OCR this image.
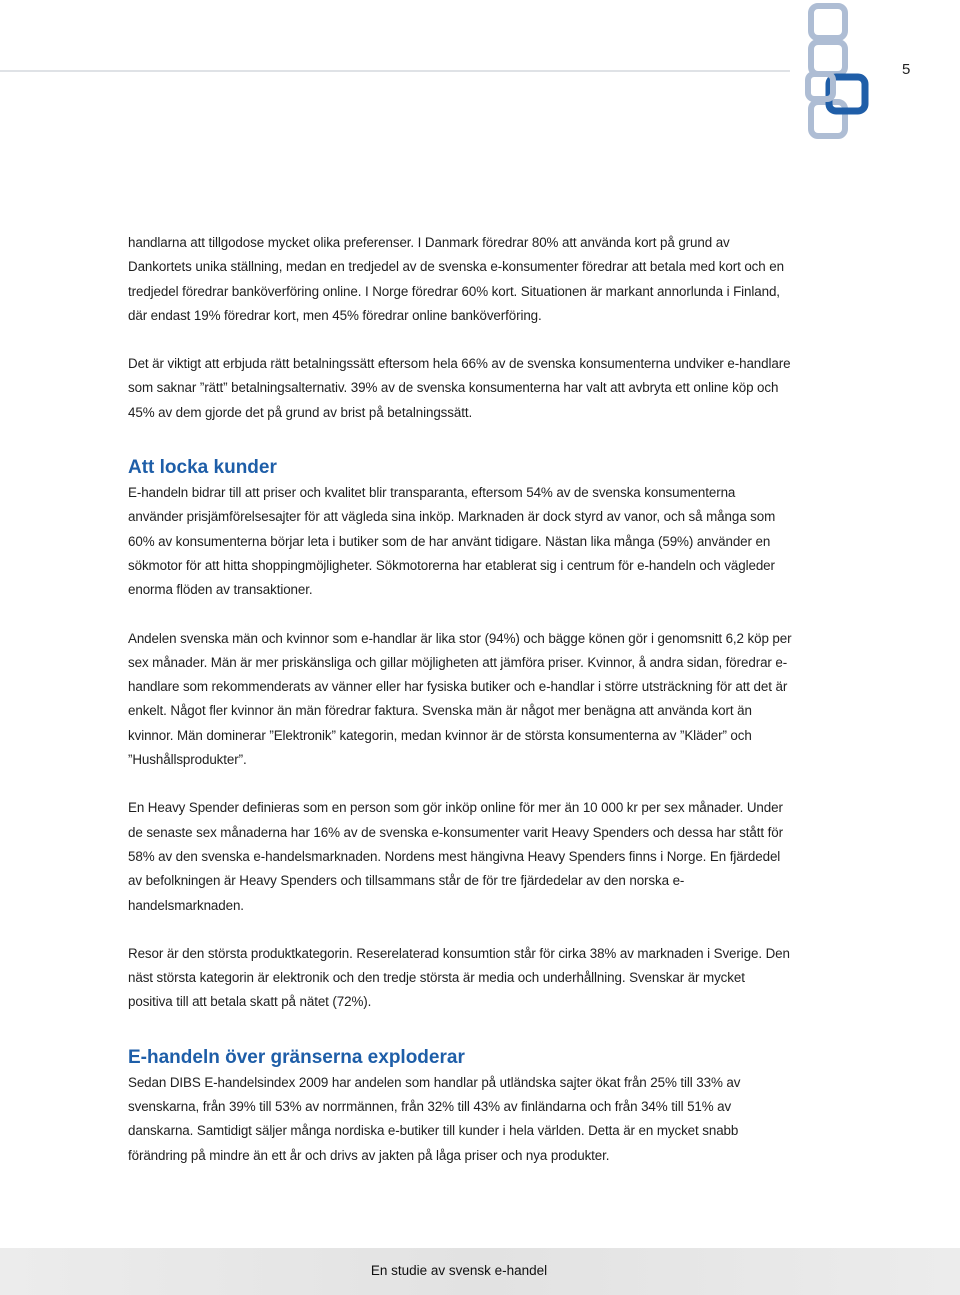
5

handlarna att tillgodose mycket olika preferenser. I Danmark föredrar 80% att använda kort på grund av Dankortets unika ställning, medan en tredjedel av de svenska e-konsumenter föredrar att betala med kort och en tredjedel föredrar banköverföring online. I Norge föredrar 60% kort. Situationen är markant annorlunda i Finland, där endast 19% föredrar kort, men 45% föredrar online banköverföring.

Det är viktigt att erbjuda rätt betalningssätt eftersom hela 66% av de svenska konsumenterna undviker e-handlare som saknar ”rätt” betalningsalternativ. 39% av de svenska konsumenterna har valt att avbryta ett online köp och 45% av dem gjorde det på grund av brist på betalningssätt.

Att locka kunder

E-handeln bidrar till att priser och kvalitet blir transparanta, eftersom 54% av de svenska konsumenterna använder prisjämförelsesajter för att vägleda sina inköp. Marknaden är dock styrd av vanor, och så många som 60% av konsumenterna börjar leta i butiker som de har använt tidigare. Nästan lika många (59%) använder en sökmotor för att hitta shoppingmöjligheter. Sökmotorerna har etablerat sig i centrum för e-handeln och vägleder enorma flöden av transaktioner.

Andelen svenska män och kvinnor som e-handlar är lika stor (94%) och bägge könen gör i genomsnitt 6,2 köp per sex månader. Män är mer priskänsliga och gillar möjligheten att jämföra priser. Kvinnor, å andra sidan, föredrar e-handlare som rekommenderats av vänner eller har fysiska butiker och e-handlar i större utsträckning för att det är enkelt. Något fler kvinnor än män föredrar faktura. Svenska män är något mer benägna att använda kort än kvinnor. Män dominerar ”Elektronik” kategorin, medan kvinnor är de största konsumenterna av ”Kläder” och ”Hushållsprodukter”.

En Heavy Spender definieras som en person som gör inköp online för mer än 10 000 kr per sex månader. Under de senaste sex månaderna har 16% av de svenska e-konsumenter varit Heavy Spenders och dessa har stått för 58% av den svenska e-handelsmarknaden. Nordens mest hängivna Heavy Spenders finns i Norge. En fjärdedel av befolkningen är Heavy Spenders och tillsammans står de för tre fjärdedelar av den norska e-handelsmarknaden.

Resor är den största produktkategorin. Reserelaterad konsumtion står för cirka 38% av marknaden i Sverige. Den näst största kategorin är elektronik och den tredje största är media och underhållning. Svenskar är mycket positiva till att betala skatt på nätet (72%).

E-handeln över gränserna exploderar

Sedan DIBS E-handelsindex 2009 har andelen som handlar på utländska sajter ökat från 25% till 33% av svenskarna, från 39% till 53% av norrmännen, från 32% till 43% av finländarna och från 34% till 51% av danskarna. Samtidigt säljer många nordiska e-butiker till kunder i hela världen. Detta är en mycket snabb förändring på mindre än ett år och drivs av jakten på låga priser och nya produkter.

En studie av svensk e-handel
